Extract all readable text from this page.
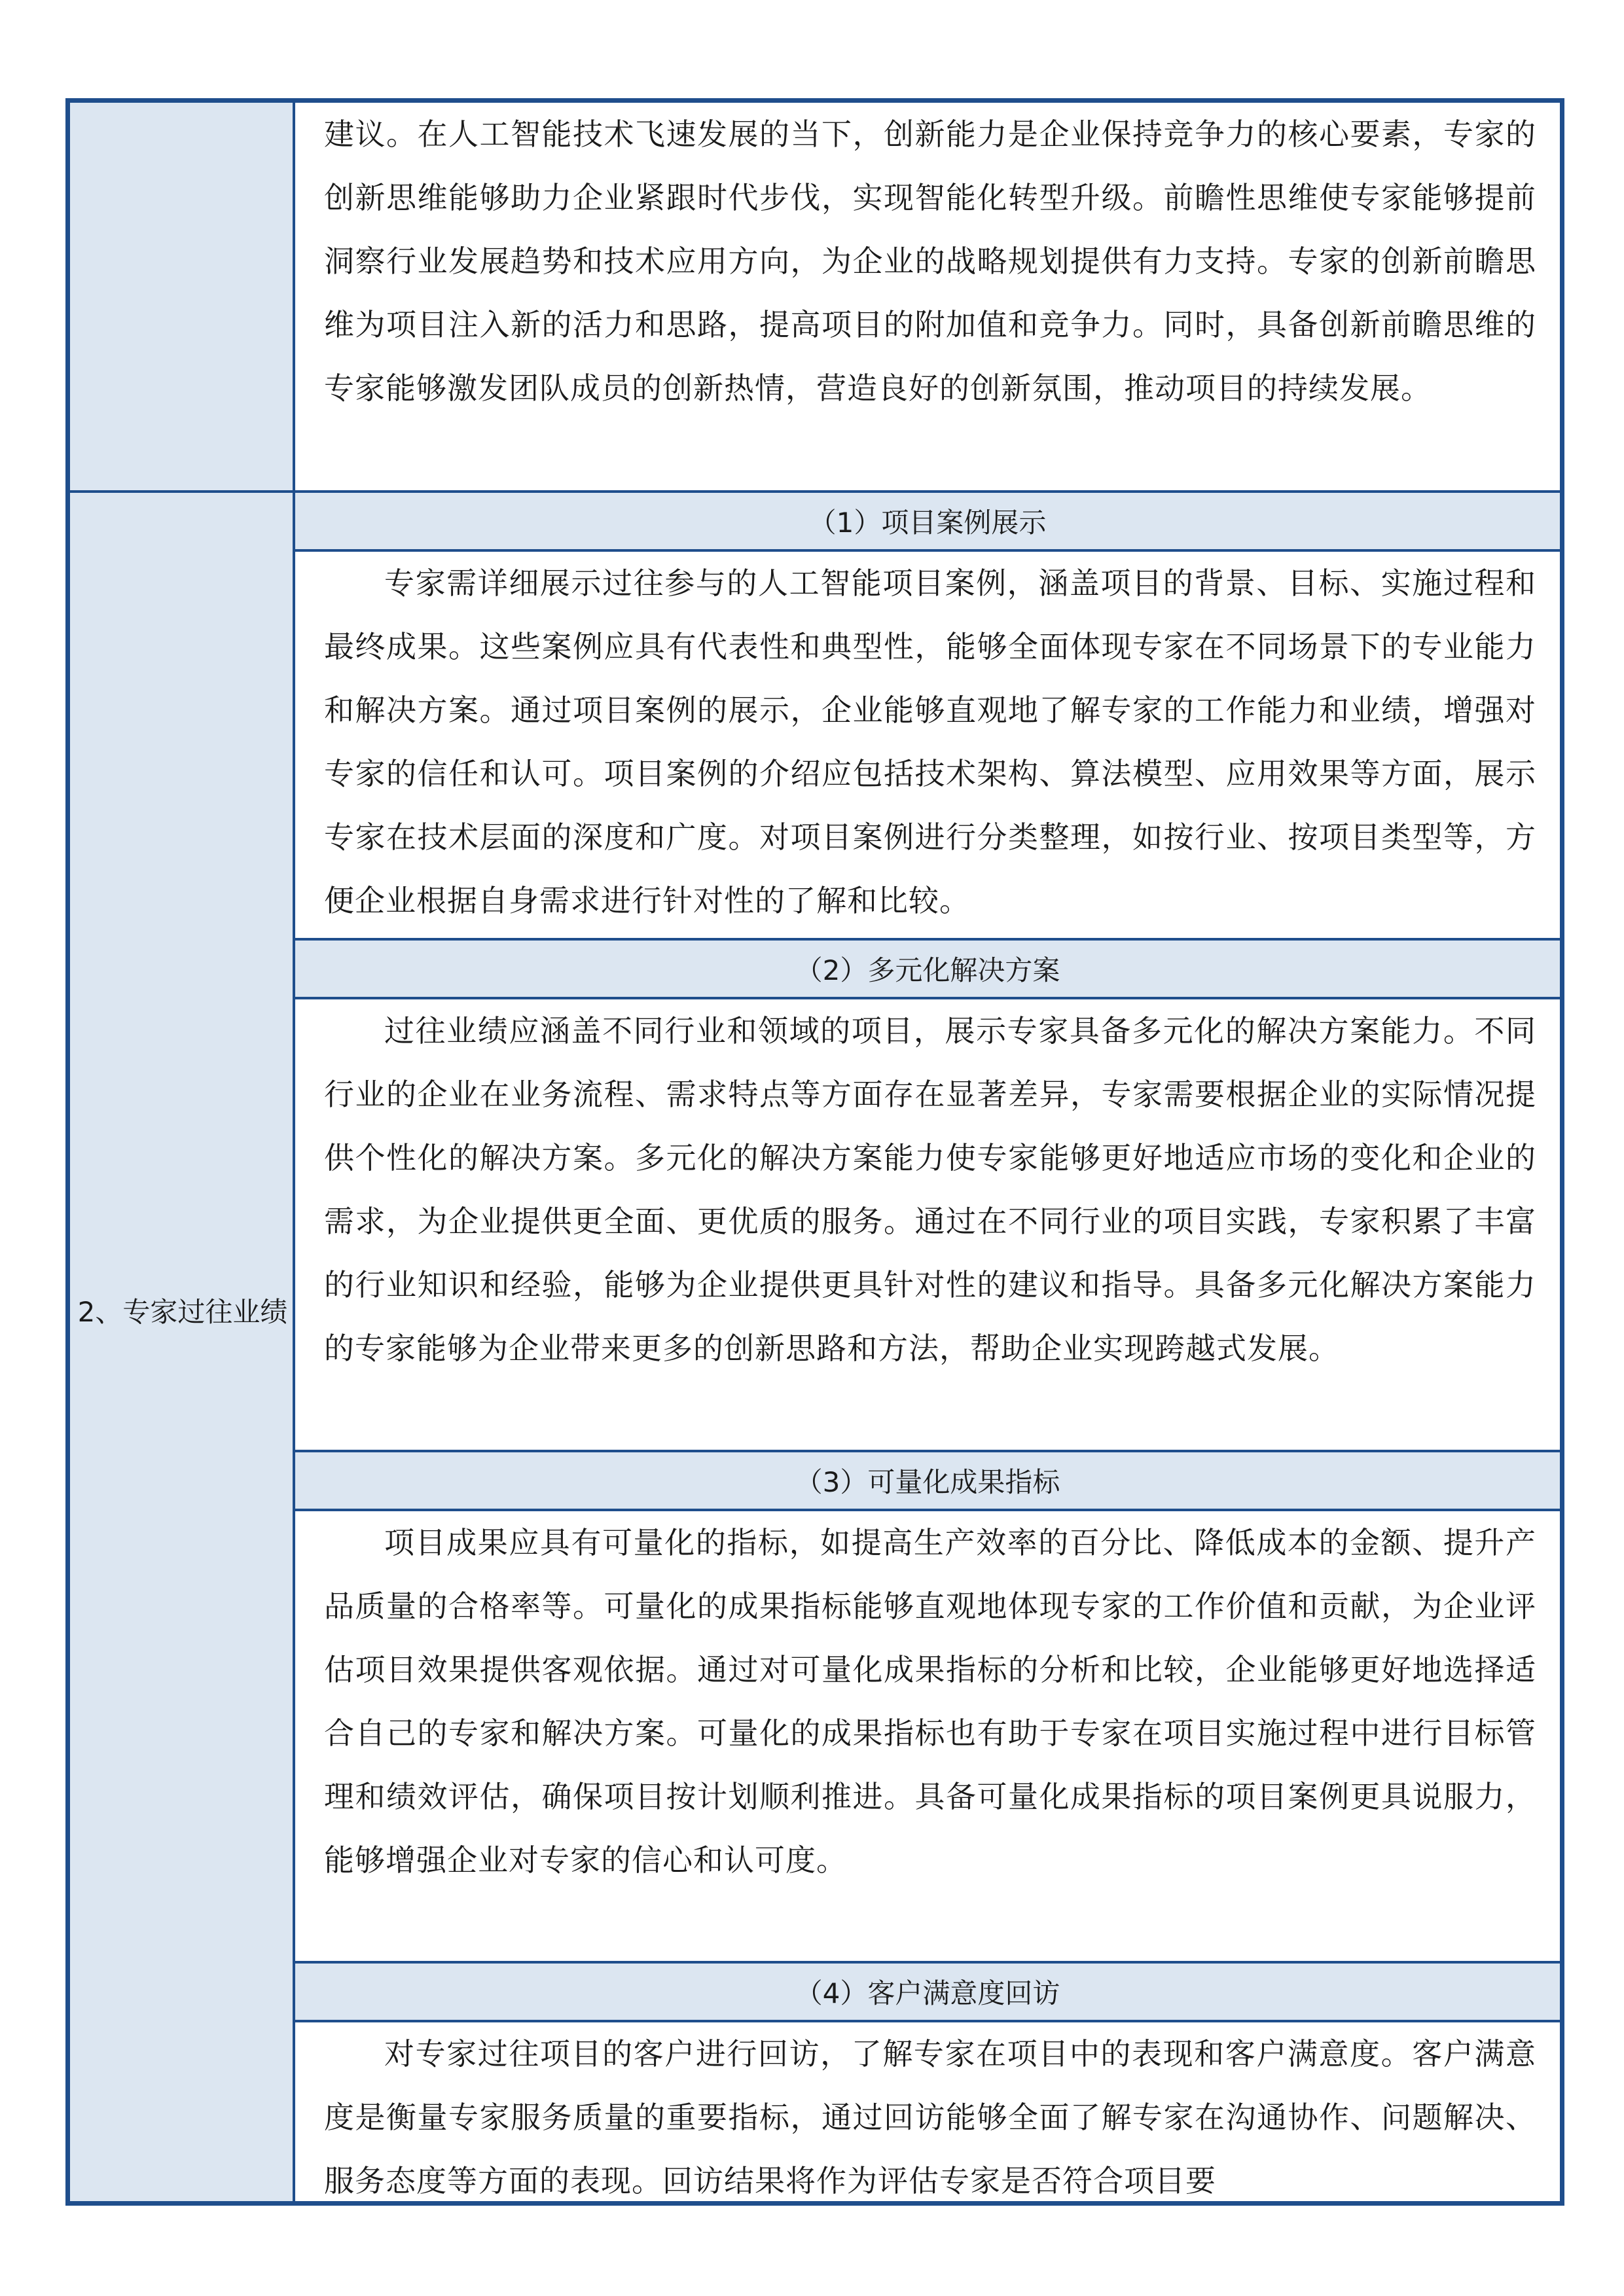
建议。在人工智能技术飞速发展的当下，创新能力是企业保持竞争力的核心要素，专家的创新思维能够助力企业紧跟时代步伐，实现智能化转型升级。前瞻性思维使专家能够提前洞察行业发展趋势和技术应用方向，为企业的战略规划提供有力支持。专家的创新前瞻思维为项目注入新的活力和思路，提高项目的附加值和竞争力。同时，具备创新前瞻思维的专家能够激发团队成员的创新热情，营造良好的创新氛围，推动项目的持续发展。

2、专家过往业绩
（1）项目案例展示

专家需详细展示过往参与的人工智能项目案例，涵盖项目的背景、目标、实施过程和最终成果。这些案例应具有代表性和典型性，能够全面体现专家在不同场景下的专业能力和解决方案。通过项目案例的展示，企业能够直观地了解专家的工作能力和业绩，增强对专家的信任和认可。项目案例的介绍应包括技术架构、算法模型、应用效果等方面，展示专家在技术层面的深度和广度。对项目案例进行分类整理，如按行业、按项目类型等，方便企业根据自身需求进行针对性的了解和比较。

（2）多元化解决方案

过往业绩应涵盖不同行业和领域的项目，展示专家具备多元化的解决方案能力。不同行业的企业在业务流程、需求特点等方面存在显著差异，专家需要根据企业的实际情况提供个性化的解决方案。多元化的解决方案能力使专家能够更好地适应市场的变化和企业的需求，为企业提供更全面、更优质的服务。通过在不同行业的项目实践，专家积累了丰富的行业知识和经验，能够为企业提供更具针对性的建议和指导。具备多元化解决方案能力的专家能够为企业带来更多的创新思路和方法，帮助企业实现跨越式发展。

（3）可量化成果指标

项目成果应具有可量化的指标，如提高生产效率的百分比、降低成本的金额、提升产品质量的合格率等。可量化的成果指标能够直观地体现专家的工作价值和贡献，为企业评估项目效果提供客观依据。通过对可量化成果指标的分析和比较，企业能够更好地选择适合自己的专家和解决方案。可量化的成果指标也有助于专家在项目实施过程中进行目标管理和绩效评估，确保项目按计划顺利推进。具备可量化成果指标的项目案例更具说服力，能够增强企业对专家的信心和认可度。

（4）客户满意度回访

对专家过往项目的客户进行回访，了解专家在项目中的表现和客户满意度。客户满意度是衡量专家服务质量的重要指标，通过回访能够全面了解专家在沟通协作、问题解决、服务态度等方面的表现。回访结果将作为评估专家是否符合项目要
